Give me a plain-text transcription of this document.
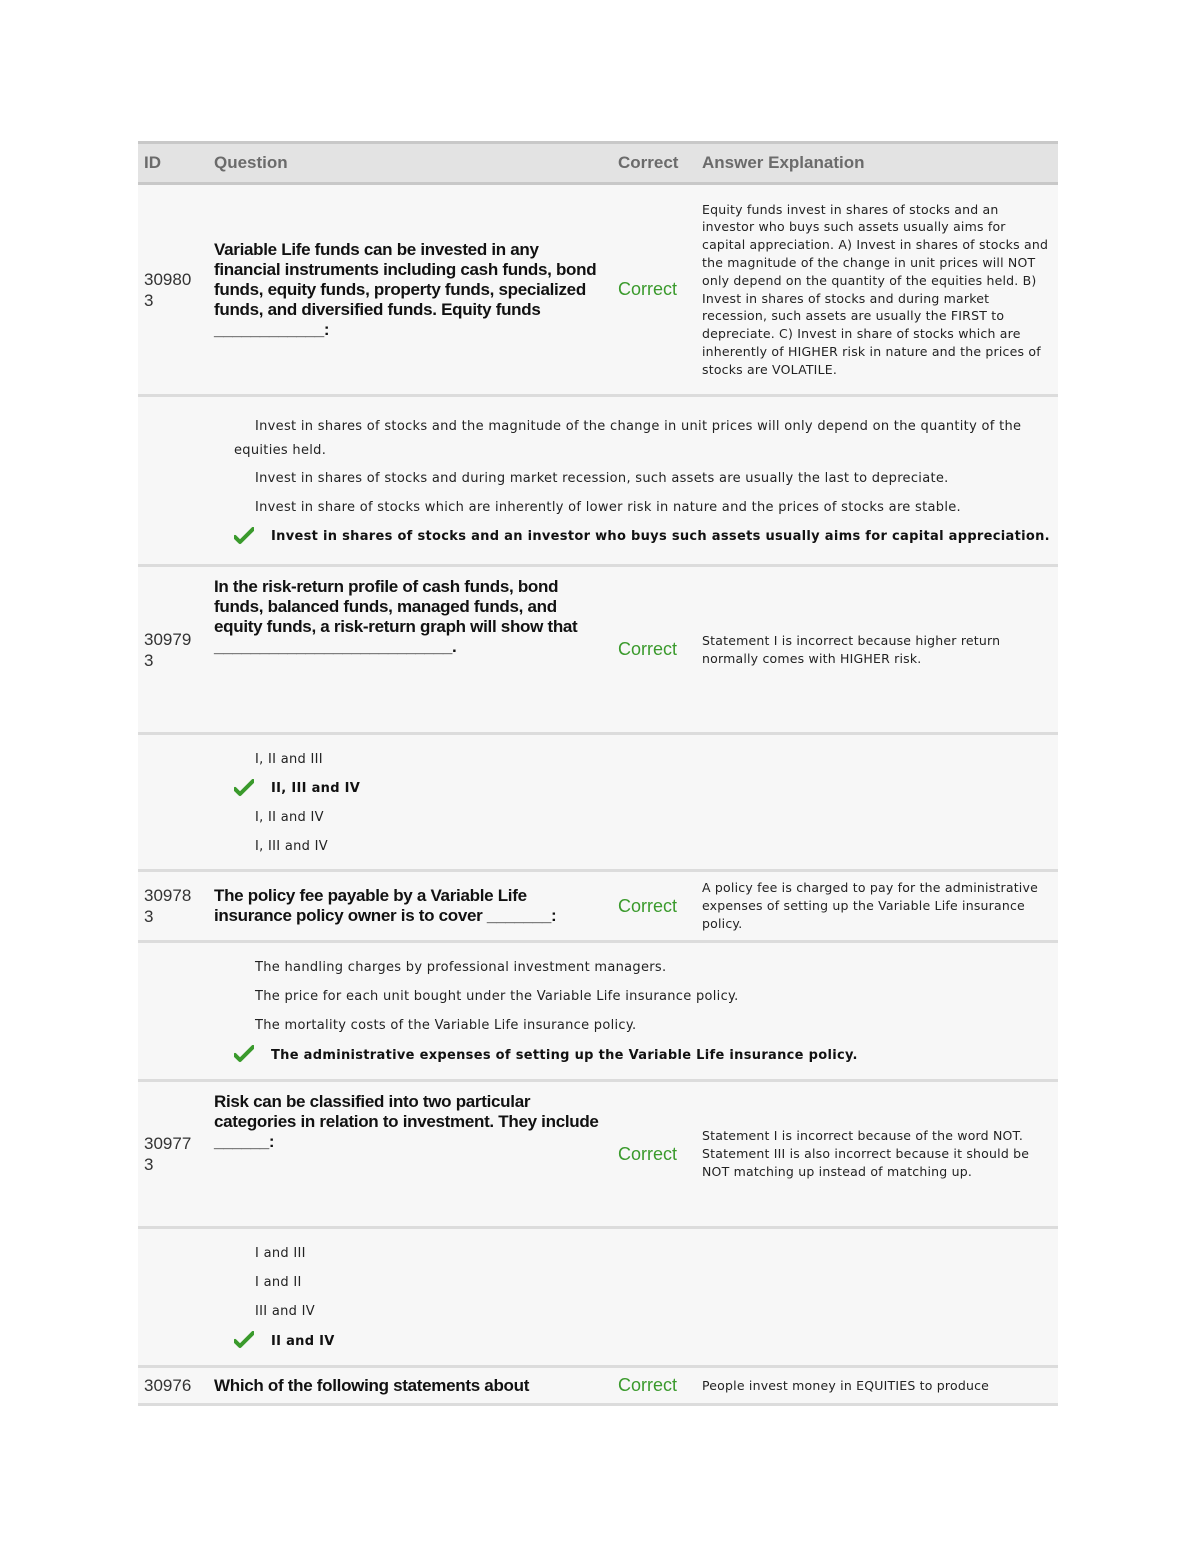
ID	Question	Correct	Answer Explanation
30980 3	Variable Life funds can be invested in any financial instruments including cash funds, bond funds, equity funds, property funds, specialized funds, and diversified funds. Equity funds ____________:	Correct	Equity funds invest in shares of stocks and an investor who buys such assets usually aims for capital appreciation. A) Invest in shares of stocks and the magnitude of the change in unit prices will NOT only depend on the quantity of the equities held. B) Invest in shares of stocks and during market recession, such assets are usually the FIRST to depreciate. C) Invest in share of stocks which are inherently of HIGHER risk in nature and the prices of stocks are VOLATILE.

Invest in shares of stocks and the magnitude of the change in unit prices will only depend on the quantity of the equities held.
Invest in shares of stocks and during market recession, such assets are usually the last to depreciate.
Invest in share of stocks which are inherently of lower risk in nature and the prices of stocks are stable.
Invest in shares of stocks and an investor who buys such assets usually aims for capital appreciation.			

30979 3	In the risk-return profile of cash funds, bond funds, balanced funds, managed funds, and equity funds, a risk-return graph will show that __________________________.	Correct	Statement I is incorrect because higher return normally comes with HIGHER risk.

I, II and III
II, III and IV
I, II and IV
I, III and IV			

30978 3	The policy fee payable by a Variable Life insurance policy owner is to cover _______:	Correct	A policy fee is charged to pay for the administrative expenses of setting up the Variable Life insurance policy.

The handling charges by professional investment managers.
The price for each unit bought under the Variable Life insurance policy.
The mortality costs of the Variable Life insurance policy.
The administrative expenses of setting up the Variable Life insurance policy.			

30977 3	Risk can be classified into two particular categories in relation to investment. They include ______:	Correct	Statement I is incorrect because of the word NOT. Statement III is also incorrect because it should be NOT matching up instead of matching up.

I and III
I and II
III and IV
II and IV			

30976	Which of the following statements about	Correct	People invest money in EQUITIES to produce
